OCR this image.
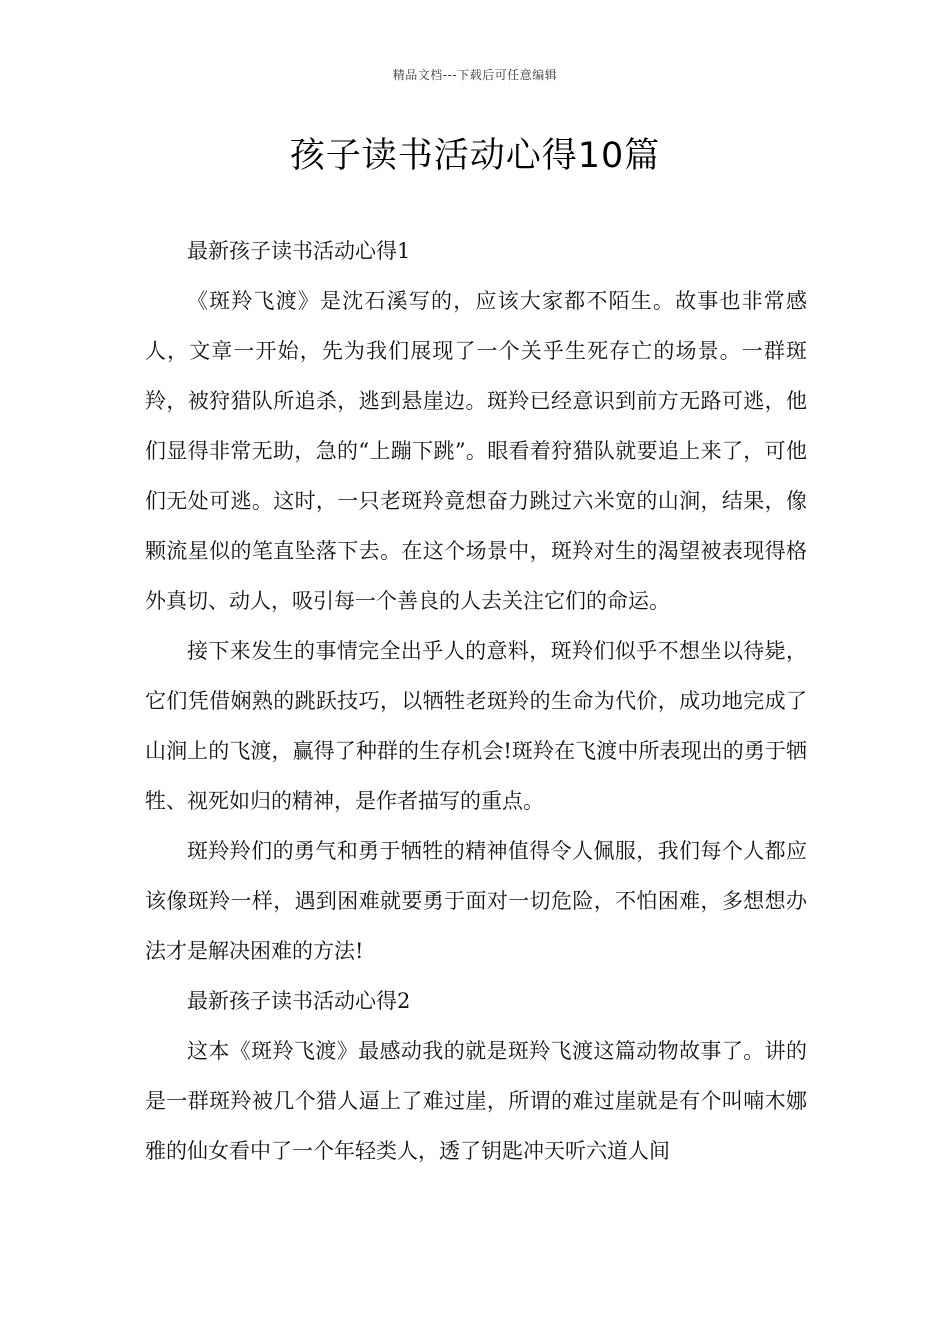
精品文档---下载后可任意编辑
孩子读书活动心得10篇

最新孩子读书活动心得1

《斑羚飞渡》是沈石溪写的，应该大家都不陌生。故事也非常感人，文章一开始，先为我们展现了一个关乎生死存亡的场景。一群斑羚，被狩猎队所追杀，逃到悬崖边。斑羚已经意识到前方无路可逃，他们显得非常无助，急的“上蹦下跳”。眼看着狩猎队就要追上来了，可他们无处可逃。这时，一只老斑羚竟想奋力跳过六米宽的山涧，结果，像颗流星似的笔直坠落下去。在这个场景中，斑羚对生的渴望被表现得格外真切、动人，吸引每一个善良的人去关注它们的命运。

接下来发生的事情完全出乎人的意料，斑羚们似乎不想坐以待毙，它们凭借娴熟的跳跃技巧，以牺牲老斑羚的生命为代价，成功地完成了山涧上的飞渡，赢得了种群的生存机会!斑羚在飞渡中所表现出的勇于牺牲、视死如归的精神，是作者描写的重点。

斑羚羚们的勇气和勇于牺牲的精神值得令人佩服，我们每个人都应该像斑羚一样，遇到困难就要勇于面对一切危险，不怕困难，多想想办法才是解决困难的方法!

最新孩子读书活动心得2

这本《斑羚飞渡》最感动我的就是斑羚飞渡这篇动物故事了。讲的是一群斑羚被几个猎人逼上了难过崖，所谓的难过崖就是有个叫喃木娜雅的仙女看中了一个年轻类人，透了钥匙冲天听六道人间
